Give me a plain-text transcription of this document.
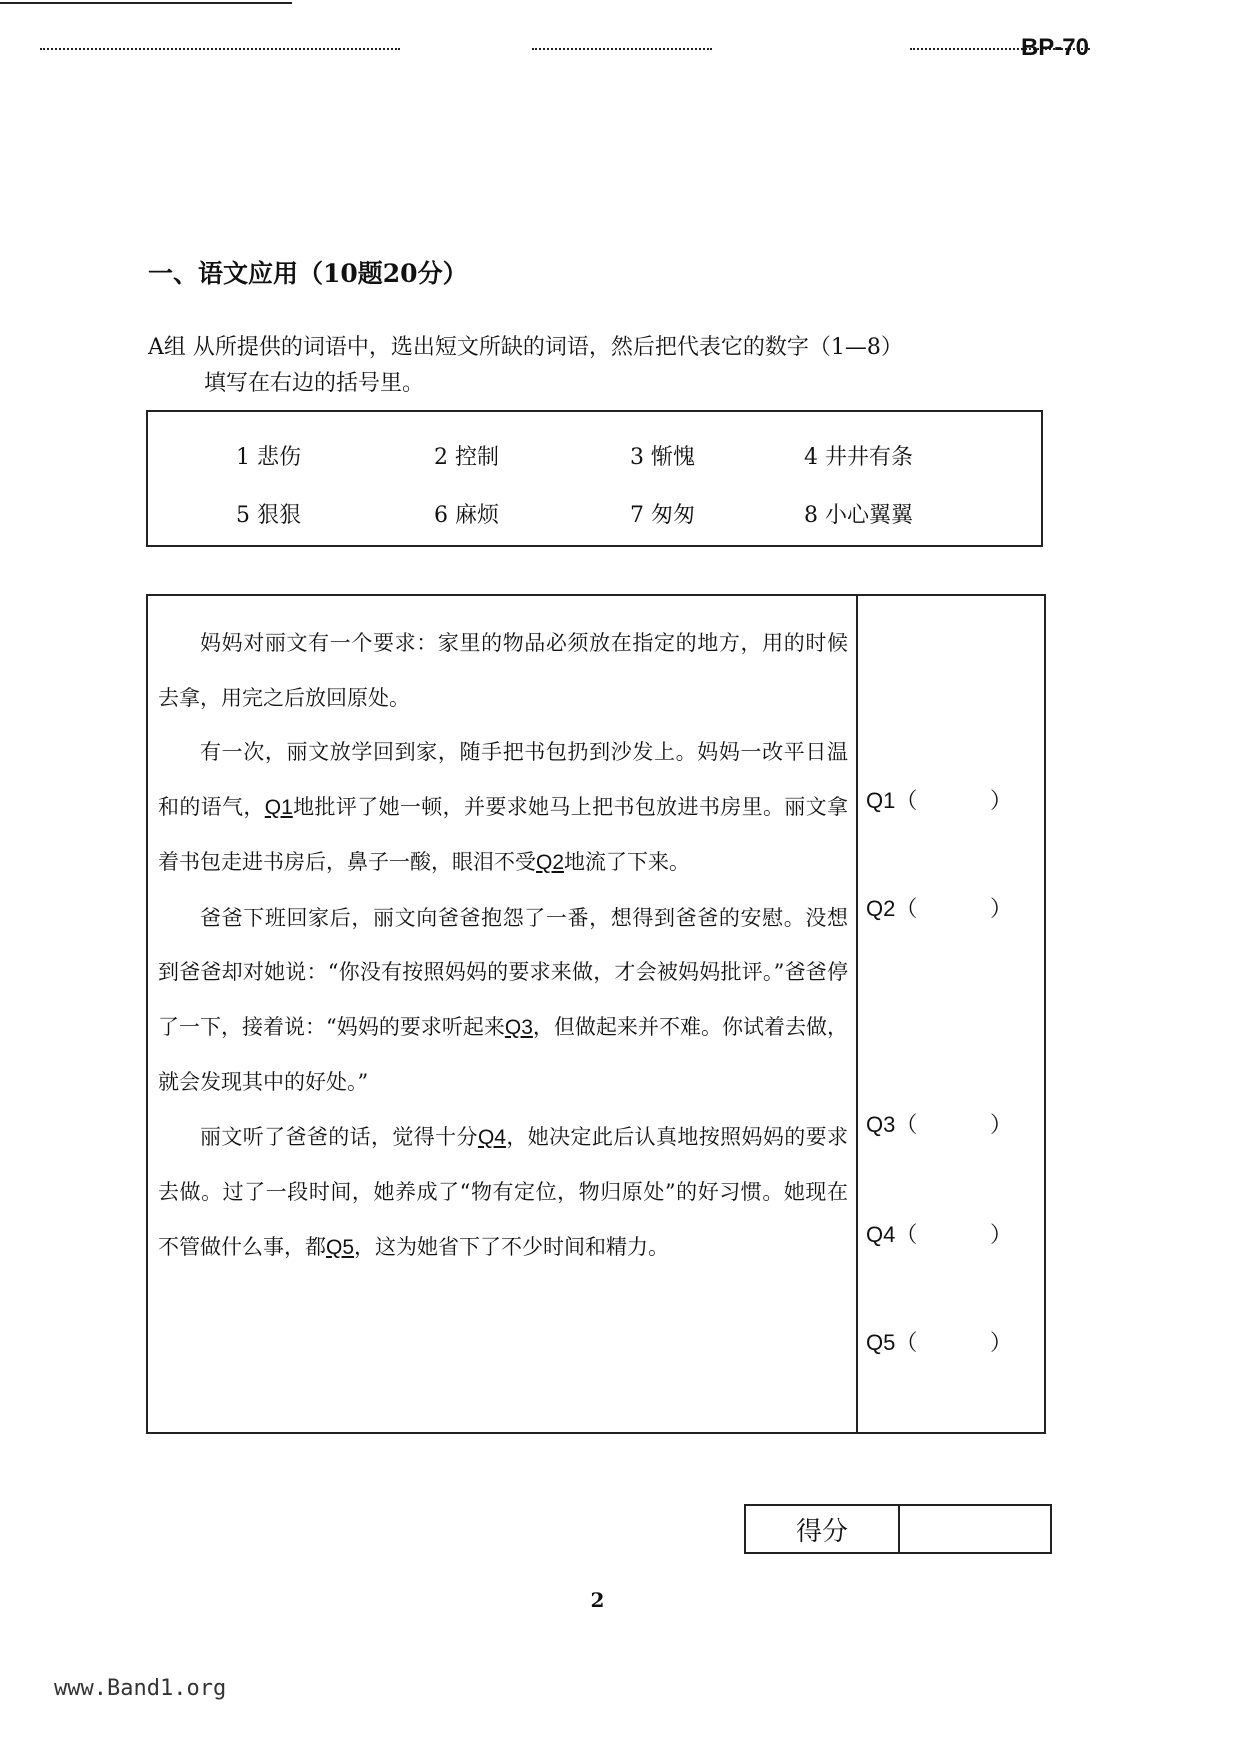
BP-70
一、语文应用（10题20分）
A组 从所提供的词语中，选出短文所缺的词语，然后把代表它的数字（1—8）
填写在右边的括号里。
1 悲伤	2 控制	3 惭愧	4 井井有条
5 狠狠	6 麻烦	7 匆匆	8 小心翼翼

妈妈对丽文有一个要求：家里的物品必须放在指定的地方，用的时候去拿，用完之后放回原处。

有一次，丽文放学回到家，随手把书包扔到沙发上。妈妈一改平日温和的语气，Q1地批评了她一顿，并要求她马上把书包放进书房里。丽文拿着书包走进书房后，鼻子一酸，眼泪不受Q2地流了下来。

爸爸下班回家后，丽文向爸爸抱怨了一番，想得到爸爸的安慰。没想到爸爸却对她说：“你没有按照妈妈的要求来做，才会被妈妈批评。”爸爸停了一下，接着说：“妈妈的要求听起来Q3，但做起来并不难。你试着去做，就会发现其中的好处。”

丽文听了爸爸的话，觉得十分Q4，她决定此后认真地按照妈妈的要求去做。过了一段时间，她养成了“物有定位，物归原处”的好习惯。她现在不管做什么事，都Q5，这为她省下了不少时间和精力。

Q1（	）
Q2（	）
Q3（	）
Q4（	）
Q5（	）
得分
2
www.Band1.org
